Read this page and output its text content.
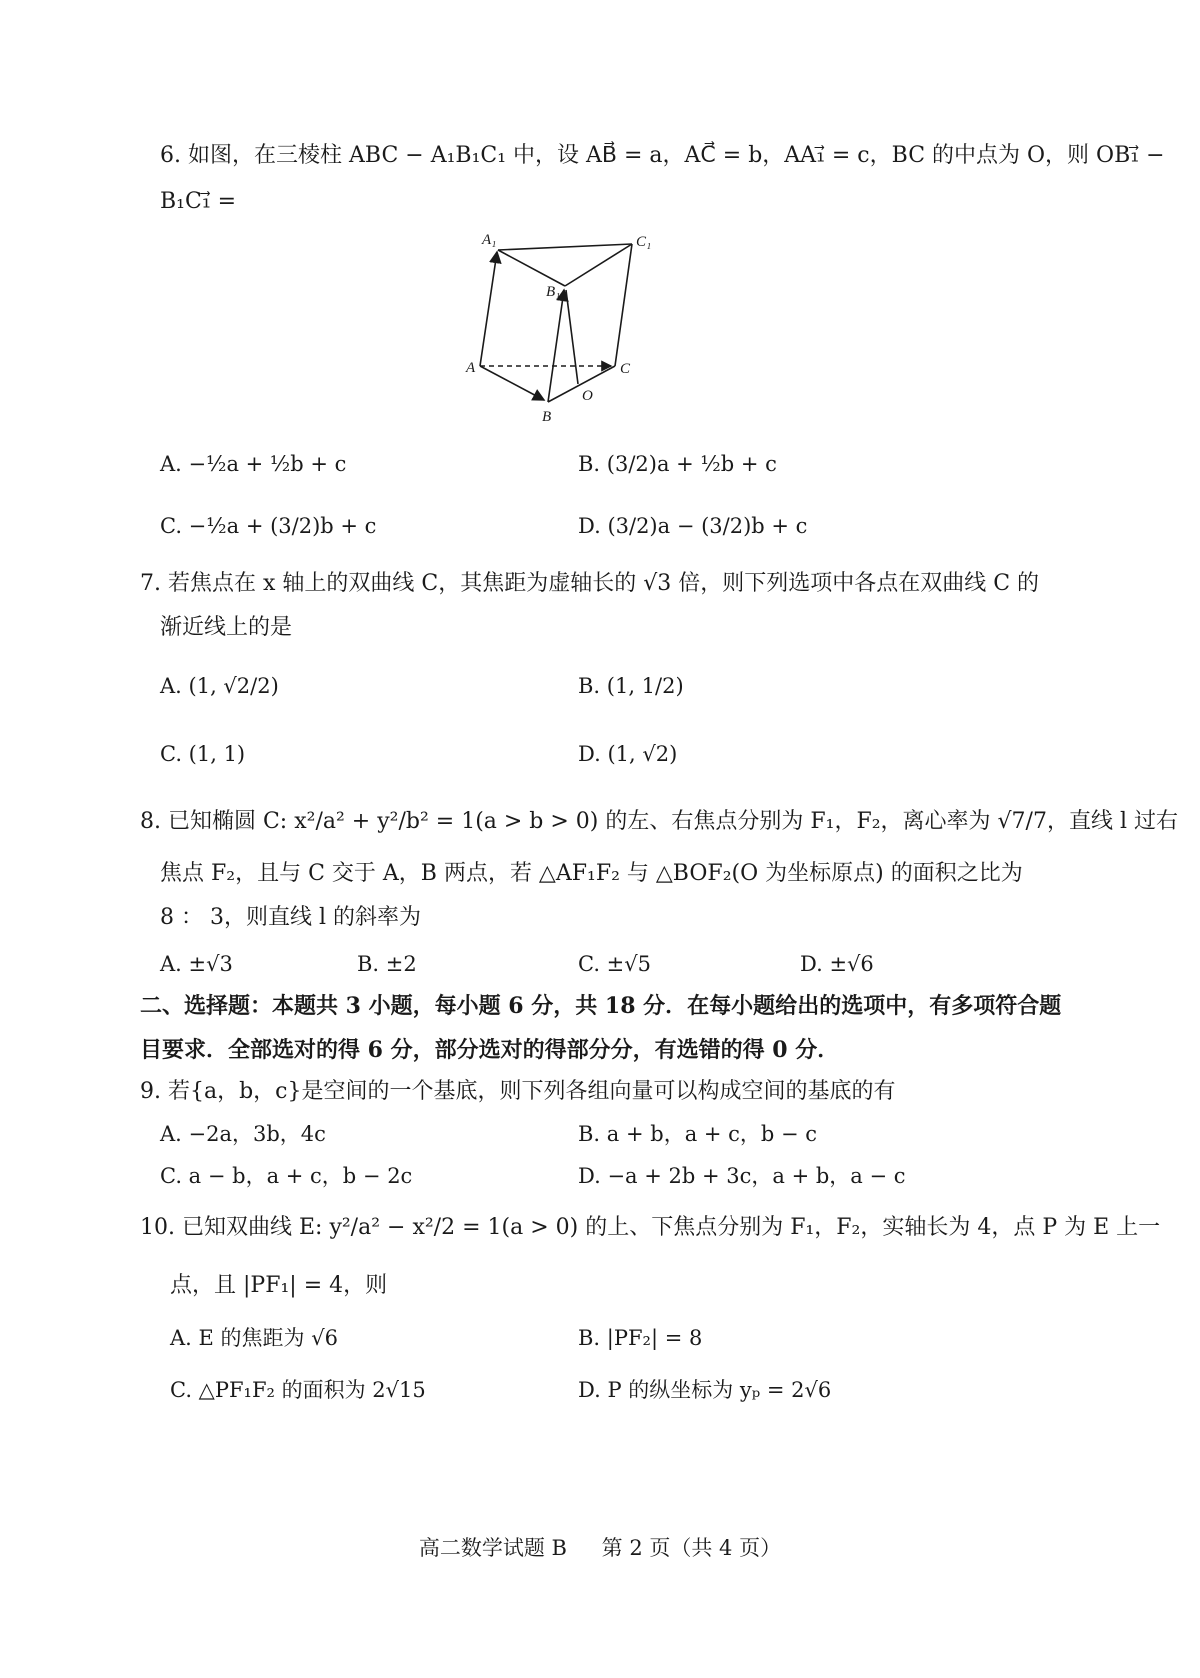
6. 如图，在三棱柱 ABC − A₁B₁C₁ 中，设 AB⃗ = a，AC⃗ = b，AA₁⃗ = c，BC 的中点为 O，则 OB₁⃗ −
B₁C₁⃗ =
A₁	C₁
B₁
A
B
C
O
A. −½a + ½b + c	B. (3/2)a + ½b + c
C. −½a + (3/2)b + c	D. (3/2)a − (3/2)b + c
7. 若焦点在 x 轴上的双曲线 C，其焦距为虚轴长的 √3 倍，则下列选项中各点在双曲线 C 的
渐近线上的是
A. (1, √2/2)	B. (1, 1/2)
C. (1, 1)	D. (1, √2)
8. 已知椭圆 C: x²/a² + y²/b² = 1(a > b > 0) 的左、右焦点分别为 F₁，F₂，离心率为 √7/7，直线 l 过右
焦点 F₂，且与 C 交于 A，B 两点，若 △AF₁F₂ 与 △BOF₂(O 为坐标原点) 的面积之比为
8 ： 3，则直线 l 的斜率为
A. ±√3	B. ±2	C. ±√5	D. ±√6
二、选择题：本题共 3 小题，每小题 6 分，共 18 分．在每小题给出的选项中，有多项符合题
目要求．全部选对的得 6 分，部分选对的得部分分，有选错的得 0 分．
9. 若{a，b，c}是空间的一个基底，则下列各组向量可以构成空间的基底的有
A. −2a，3b，4c	B. a + b，a + c，b − c
C. a − b，a + c，b − 2c	D. −a + 2b + 3c，a + b，a − c
10. 已知双曲线 E: y²/a² − x²/2 = 1(a > 0) 的上、下焦点分别为 F₁，F₂，实轴长为 4，点 P 为 E 上一
点，且 |PF₁| = 4，则
A. E 的焦距为 √6	B. |PF₂| = 8
C. △PF₁F₂ 的面积为 2√15	D. P 的纵坐标为 yₚ = 2√6
高二数学试题 B 第 2 页（共 4 页）
